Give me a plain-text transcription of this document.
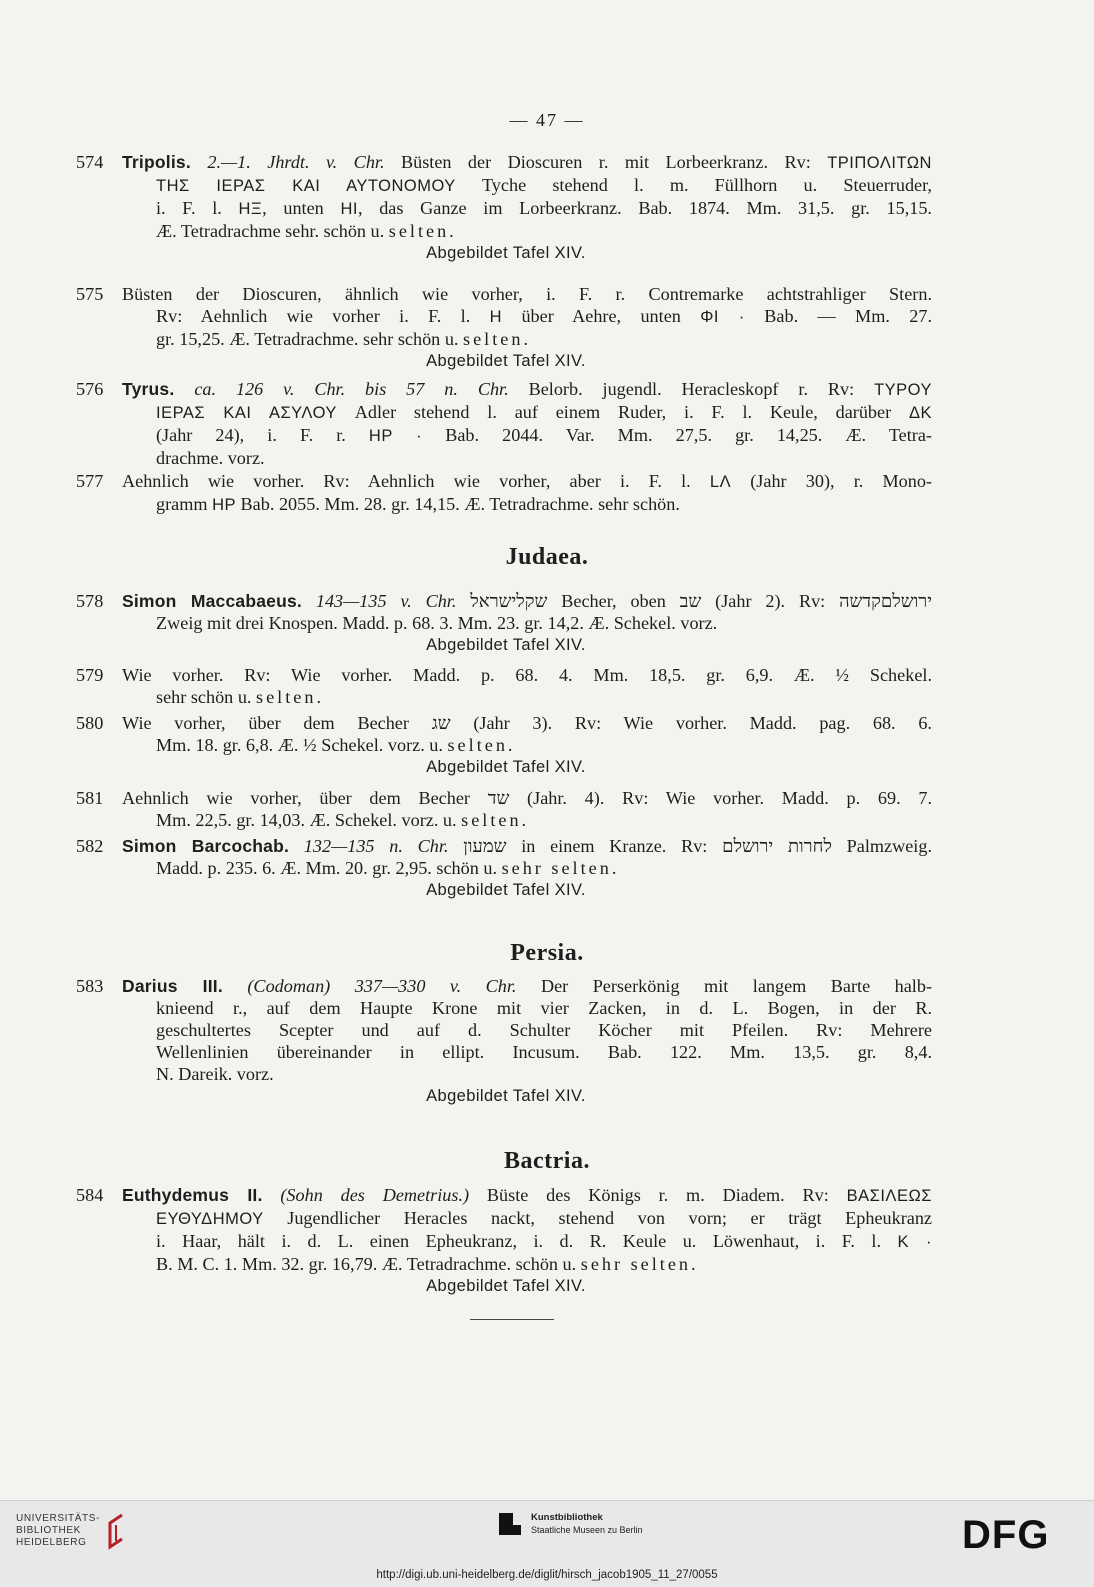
— 47 —
574	Tripolis. 2.—1. Jhrdt. v. Chr. Büsten der Dioscuren r. mit Lorbeerkranz. Rv: ΤΡΙΠΟΛΙΤΩΝ
ΤΗΣ ΙΕΡΑΣ ΚΑΙ ΑΥΤΟΝΟΜΟΥ Tyche stehend l. m. Füllhorn u. Steuerruder,
i. F. l. ΗΞ, unten ΗΙ, das Ganze im Lorbeerkranz. Bab. 1874. Mm. 31,5. gr. 15,15.
Æ. Tetradrachme sehr. schön u. selten.
Abgebildet Tafel XIV.
575	Büsten der Dioscuren, ähnlich wie vorher, i. F. r. Contremarke achtstrahliger Stern.
Rv: Aehnlich wie vorher i. F. l. Η über Aehre, unten ΦΙ · Bab. — Mm. 27.
gr. 15,25. Æ. Tetradrachme. sehr schön u. selten.
Abgebildet Tafel XIV.
576	Tyrus. ca. 126 v. Chr. bis 57 n. Chr. Belorb. jugendl. Heracleskopf r. Rv: ΤΥΡΟΥ
ΙΕΡΑΣ ΚΑΙ ΑΣΥΛΟΥ Adler stehend l. auf einem Ruder, i. F. l. Keule, darüber ΔΚ
(Jahr 24), i. F. r. ΗΡ · Bab. 2044. Var. Mm. 27,5. gr. 14,25. Æ. Tetra-
drachme. vorz.
577	Aehnlich wie vorher. Rv: Aehnlich wie vorher, aber i. F. l. LΛ (Jahr 30), r. Mono-
gramm ΗΡ Bab. 2055. Mm. 28. gr. 14,15. Æ. Tetradrachme. sehr schön.
Judaea.
578	Simon Maccabaeus. 143—135 v. Chr. שקלישראל Becher, oben שב (Jahr 2). Rv: ירושלםקדשה
Zweig mit drei Knospen. Madd. p. 68. 3. Mm. 23. gr. 14,2. Æ. Schekel. vorz.
Abgebildet Tafel XIV.
579	Wie vorher. Rv: Wie vorher. Madd. p. 68. 4. Mm. 18,5. gr. 6,9. Æ. ½ Schekel.
sehr schön u. selten.
580	Wie vorher, über dem Becher שג (Jahr 3). Rv: Wie vorher. Madd. pag. 68. 6.
Mm. 18. gr. 6,8. Æ. ½ Schekel. vorz. u. selten.
Abgebildet Tafel XIV.
581	Aehnlich wie vorher, über dem Becher שד (Jahr. 4). Rv: Wie vorher. Madd. p. 69. 7.
Mm. 22,5. gr. 14,03. Æ. Schekel. vorz. u. selten.
582	Simon Barcochab. 132—135 n. Chr. שמעון in einem Kranze. Rv: לחרות ירושלם Palmzweig.
Madd. p. 235. 6. Æ. Mm. 20. gr. 2,95. schön u. sehr selten.
Abgebildet Tafel XIV.
Persia.
583	Darius III. (Codoman) 337—330 v. Chr. Der Perserkönig mit langem Barte halb-
knieend r., auf dem Haupte Krone mit vier Zacken, in d. L. Bogen, in der R.
geschultertes Scepter und auf d. Schulter Köcher mit Pfeilen. Rv: Mehrere
Wellenlinien übereinander in ellipt. Incusum. Bab. 122. Mm. 13,5. gr. 8,4.
N. Dareik. vorz.
Abgebildet Tafel XIV.
Bactria.
584	Euthydemus II. (Sohn des Demetrius.) Büste des Königs r. m. Diadem. Rv: ΒΑΣΙΛΕΩΣ
ΕΥΘΥΔΗΜΟΥ Jugendlicher Heracles nackt, stehend von vorn; er trägt Epheukranz
i. Haar, hält i. d. L. einen Epheukranz, i. d. R. Keule u. Löwenhaut, i. F. l. Κ ·
B. M. C. 1. Mm. 32. gr. 16,79. Æ. Tetradrachme. schön u. sehr selten.
Abgebildet Tafel XIV.
UNIVERSITÄTS-
BIBLIOTHEK
HEIDELBERG
Kunstbibliothek
Staatliche Museen zu Berlin	DFG
http://digi.ub.uni-heidelberg.de/diglit/hirsch_jacob1905_11_27/0055
